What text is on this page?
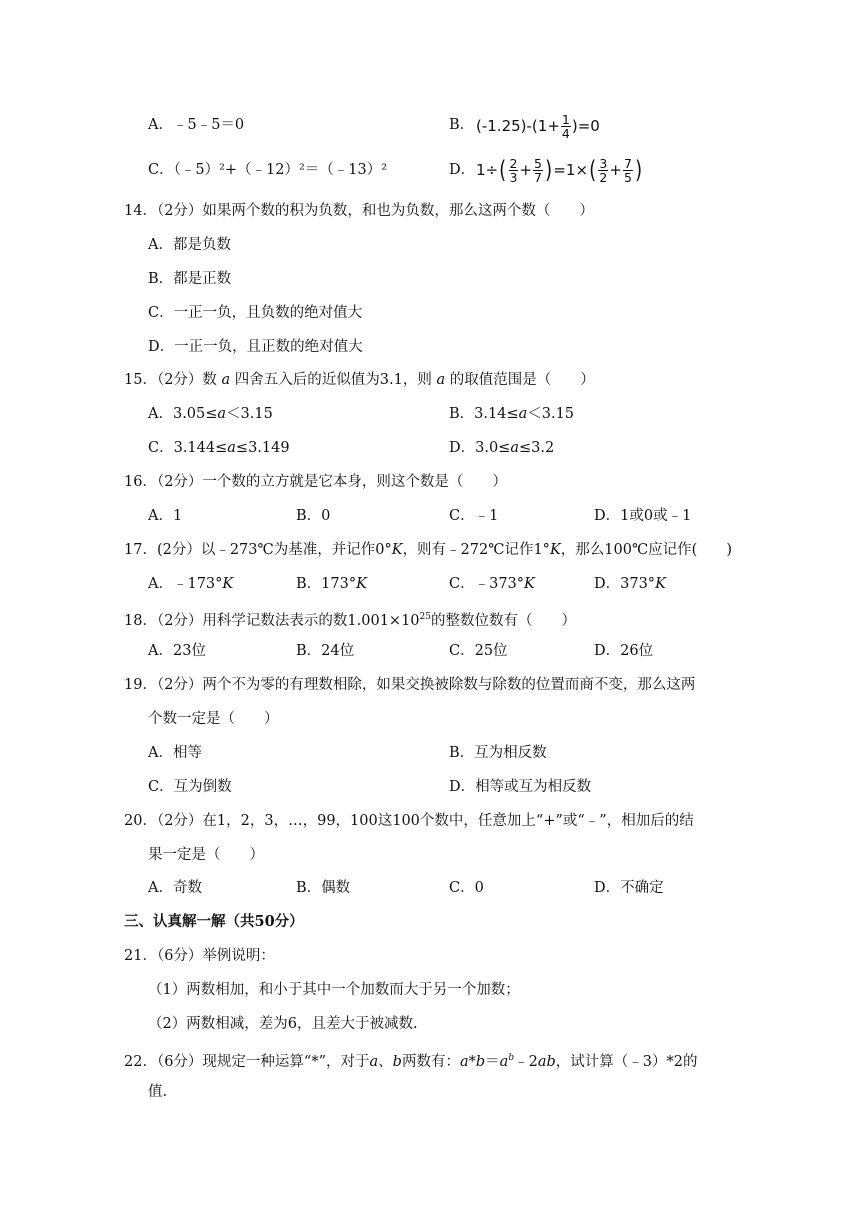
A．﹣5﹣5＝0	B． $(-1.25)-(1+ \frac{1}{4} )=0$
C．（﹣5）²+（﹣12）²＝（﹣13）²	D． 1÷ ( $\frac{2}{3} + \frac{5}{7}$ ) =1× ( $\frac{3}{2} + \frac{7}{5}$ )
14．（2分）如果两个数的积为负数，和也为负数，那么这两个数（　　）
A．都是负数
B．都是正数
C．一正一负，且负数的绝对值大
D．一正一负，且正数的绝对值大
15．（2分）数 a 四舍五入后的近似值为3.1，则 a 的取值范围是（　　）
A．3.05≤a＜3.15	B．3.14≤a＜3.15
C．3.144≤a≤3.149	D．3.0≤a≤3.2
16．（2分）一个数的立方就是它本身，则这个数是（　　）
A．1	B．0	C．﹣1	D．1或0或﹣1
17．(2分）以﹣273℃为基准，并记作0°K，则有﹣272℃记作1°K，那么100℃应记作(　　)
A．﹣173°K	B．173°K	C．﹣373°K	D．373°K
18．（2分）用科学记数法表示的数$1.001\times 10^{25}$的整数位数有（　　）
A．23位	B．24位	C．25位	D．26位
19．（2分）两个不为零的有理数相除，如果交换被除数与除数的位置而商不变，那么这两
个数一定是（　　）
A．相等	B．互为相反数
C．互为倒数	D．相等或互为相反数
20．（2分）在1，2，3，…，99，100这100个数中，任意加上“+”或“﹣”，相加后的结
果一定是（　　）
A．奇数	B．偶数	C．0	D．不确定
三、认真解一解（共50分）
21．（6分）举例说明：
（1）两数相加，和小于其中一个加数而大于另一个加数；
（2）两数相减，差为6，且差大于被减数.
22．（6分）现规定一种运算“*”，对于a、b两数有：$a*b=a^b﹣2ab$，试计算（﹣3）*2的
值.
